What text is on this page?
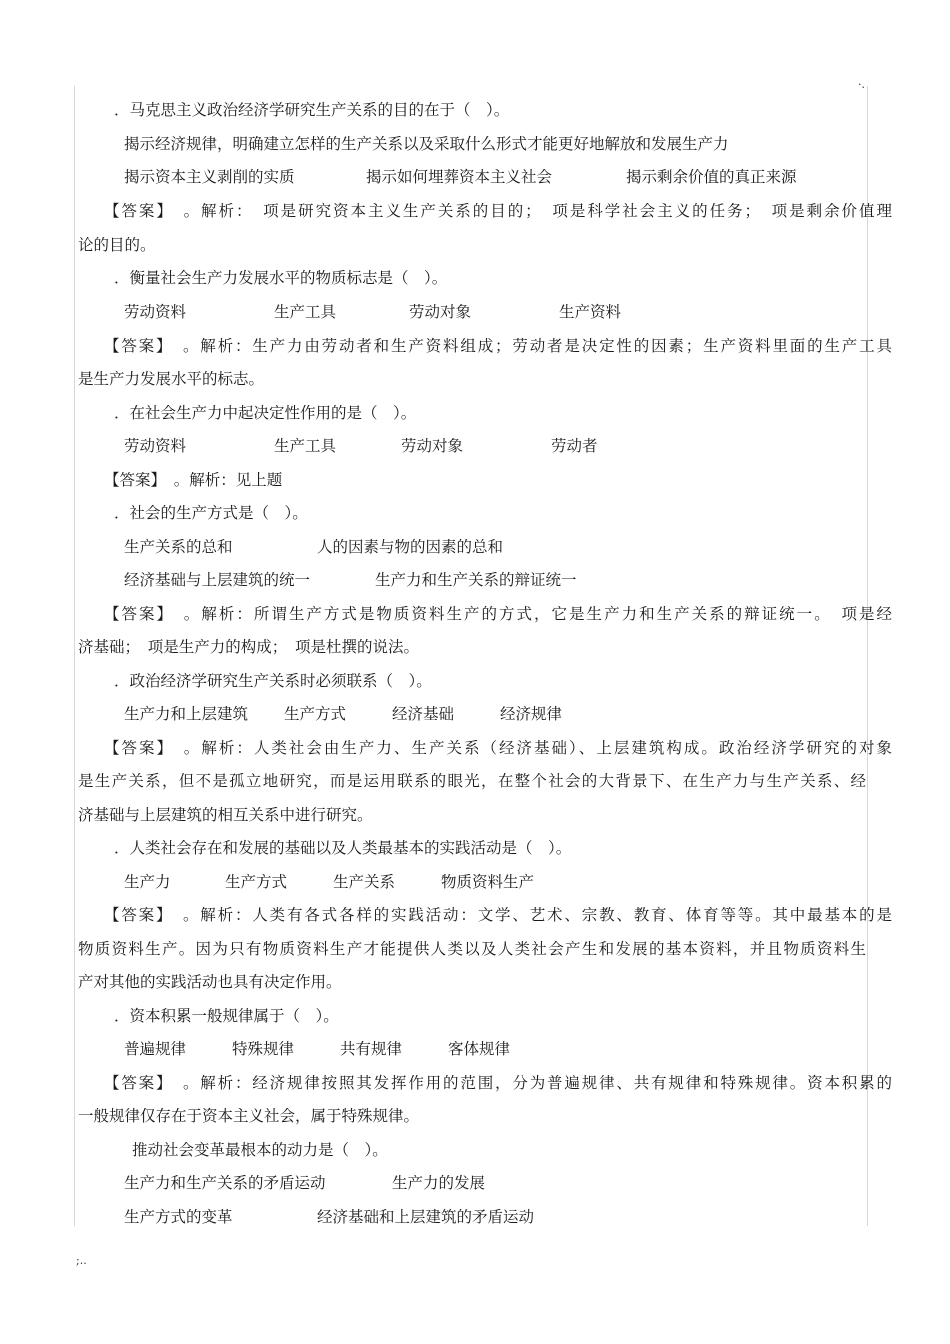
·.
;..
．马克思主义政治经济学研究生产关系的目的在于（　）。
揭示经济规律，明确建立怎样的生产关系以及采取什么形式才能更好地解放和发展生产力
揭示资本主义剥削的实质	揭示如何埋葬资本主义社会	揭示剩余价值的真正来源
【答案】　。解析：　项是研究资本主义生产关系的目的；　项是科学社会主义的任务；　项是剩余价值理
论的目的。
．衡量社会生产力发展水平的物质标志是（　）。
劳动资料	生产工具	劳动对象	生产资料
【答案】　。解析：生产力由劳动者和生产资料组成；劳动者是决定性的因素；生产资料里面的生产工具
是生产力发展水平的标志。
．在社会生产力中起决定性作用的是（　）。
劳动资料	生产工具	劳动对象	劳动者
【答案】　。解析：见上题
．社会的生产方式是（　）。
生产关系的总和	人的因素与物的因素的总和
经济基础与上层建筑的统一	生产力和生产关系的辩证统一
【答案】　。解析：所谓生产方式是物质资料生产的方式，它是生产力和生产关系的辩证统一。　项是经
济基础；　项是生产力的构成；　项是杜撰的说法。
．政治经济学研究生产关系时必须联系（　）。
生产力和上层建筑 生产方式	经济基础	经济规律
【答案】　。解析：人类社会由生产力、生产关系（经济基础）、上层建筑构成。政治经济学研究的对象
是生产关系，但不是孤立地研究，而是运用联系的眼光，在整个社会的大背景下、在生产力与生产关系、经
济基础与上层建筑的相互关系中进行研究。
．人类社会存在和发展的基础以及人类最基本的实践活动是（　）。
生产力	生产方式	生产关系	物质资料生产
【答案】　。解析：人类有各式各样的实践活动：文学、艺术、宗教、教育、体育等等。其中最基本的是
物质资料生产。因为只有物质资料生产才能提供人类以及人类社会产生和发展的基本资料，并且物质资料生
产对其他的实践活动也具有决定作用。
．资本积累一般规律属于（　）。
普遍规律	特殊规律	共有规律	客体规律
【答案】　。解析：经济规律按照其发挥作用的范围，分为普遍规律、共有规律和特殊规律。资本积累的
一般规律仅存在于资本主义社会，属于特殊规律。
推动社会变革最根本的动力是（　）。
生产力和生产关系的矛盾运动	生产力的发展
生产方式的变革	经济基础和上层建筑的矛盾运动
